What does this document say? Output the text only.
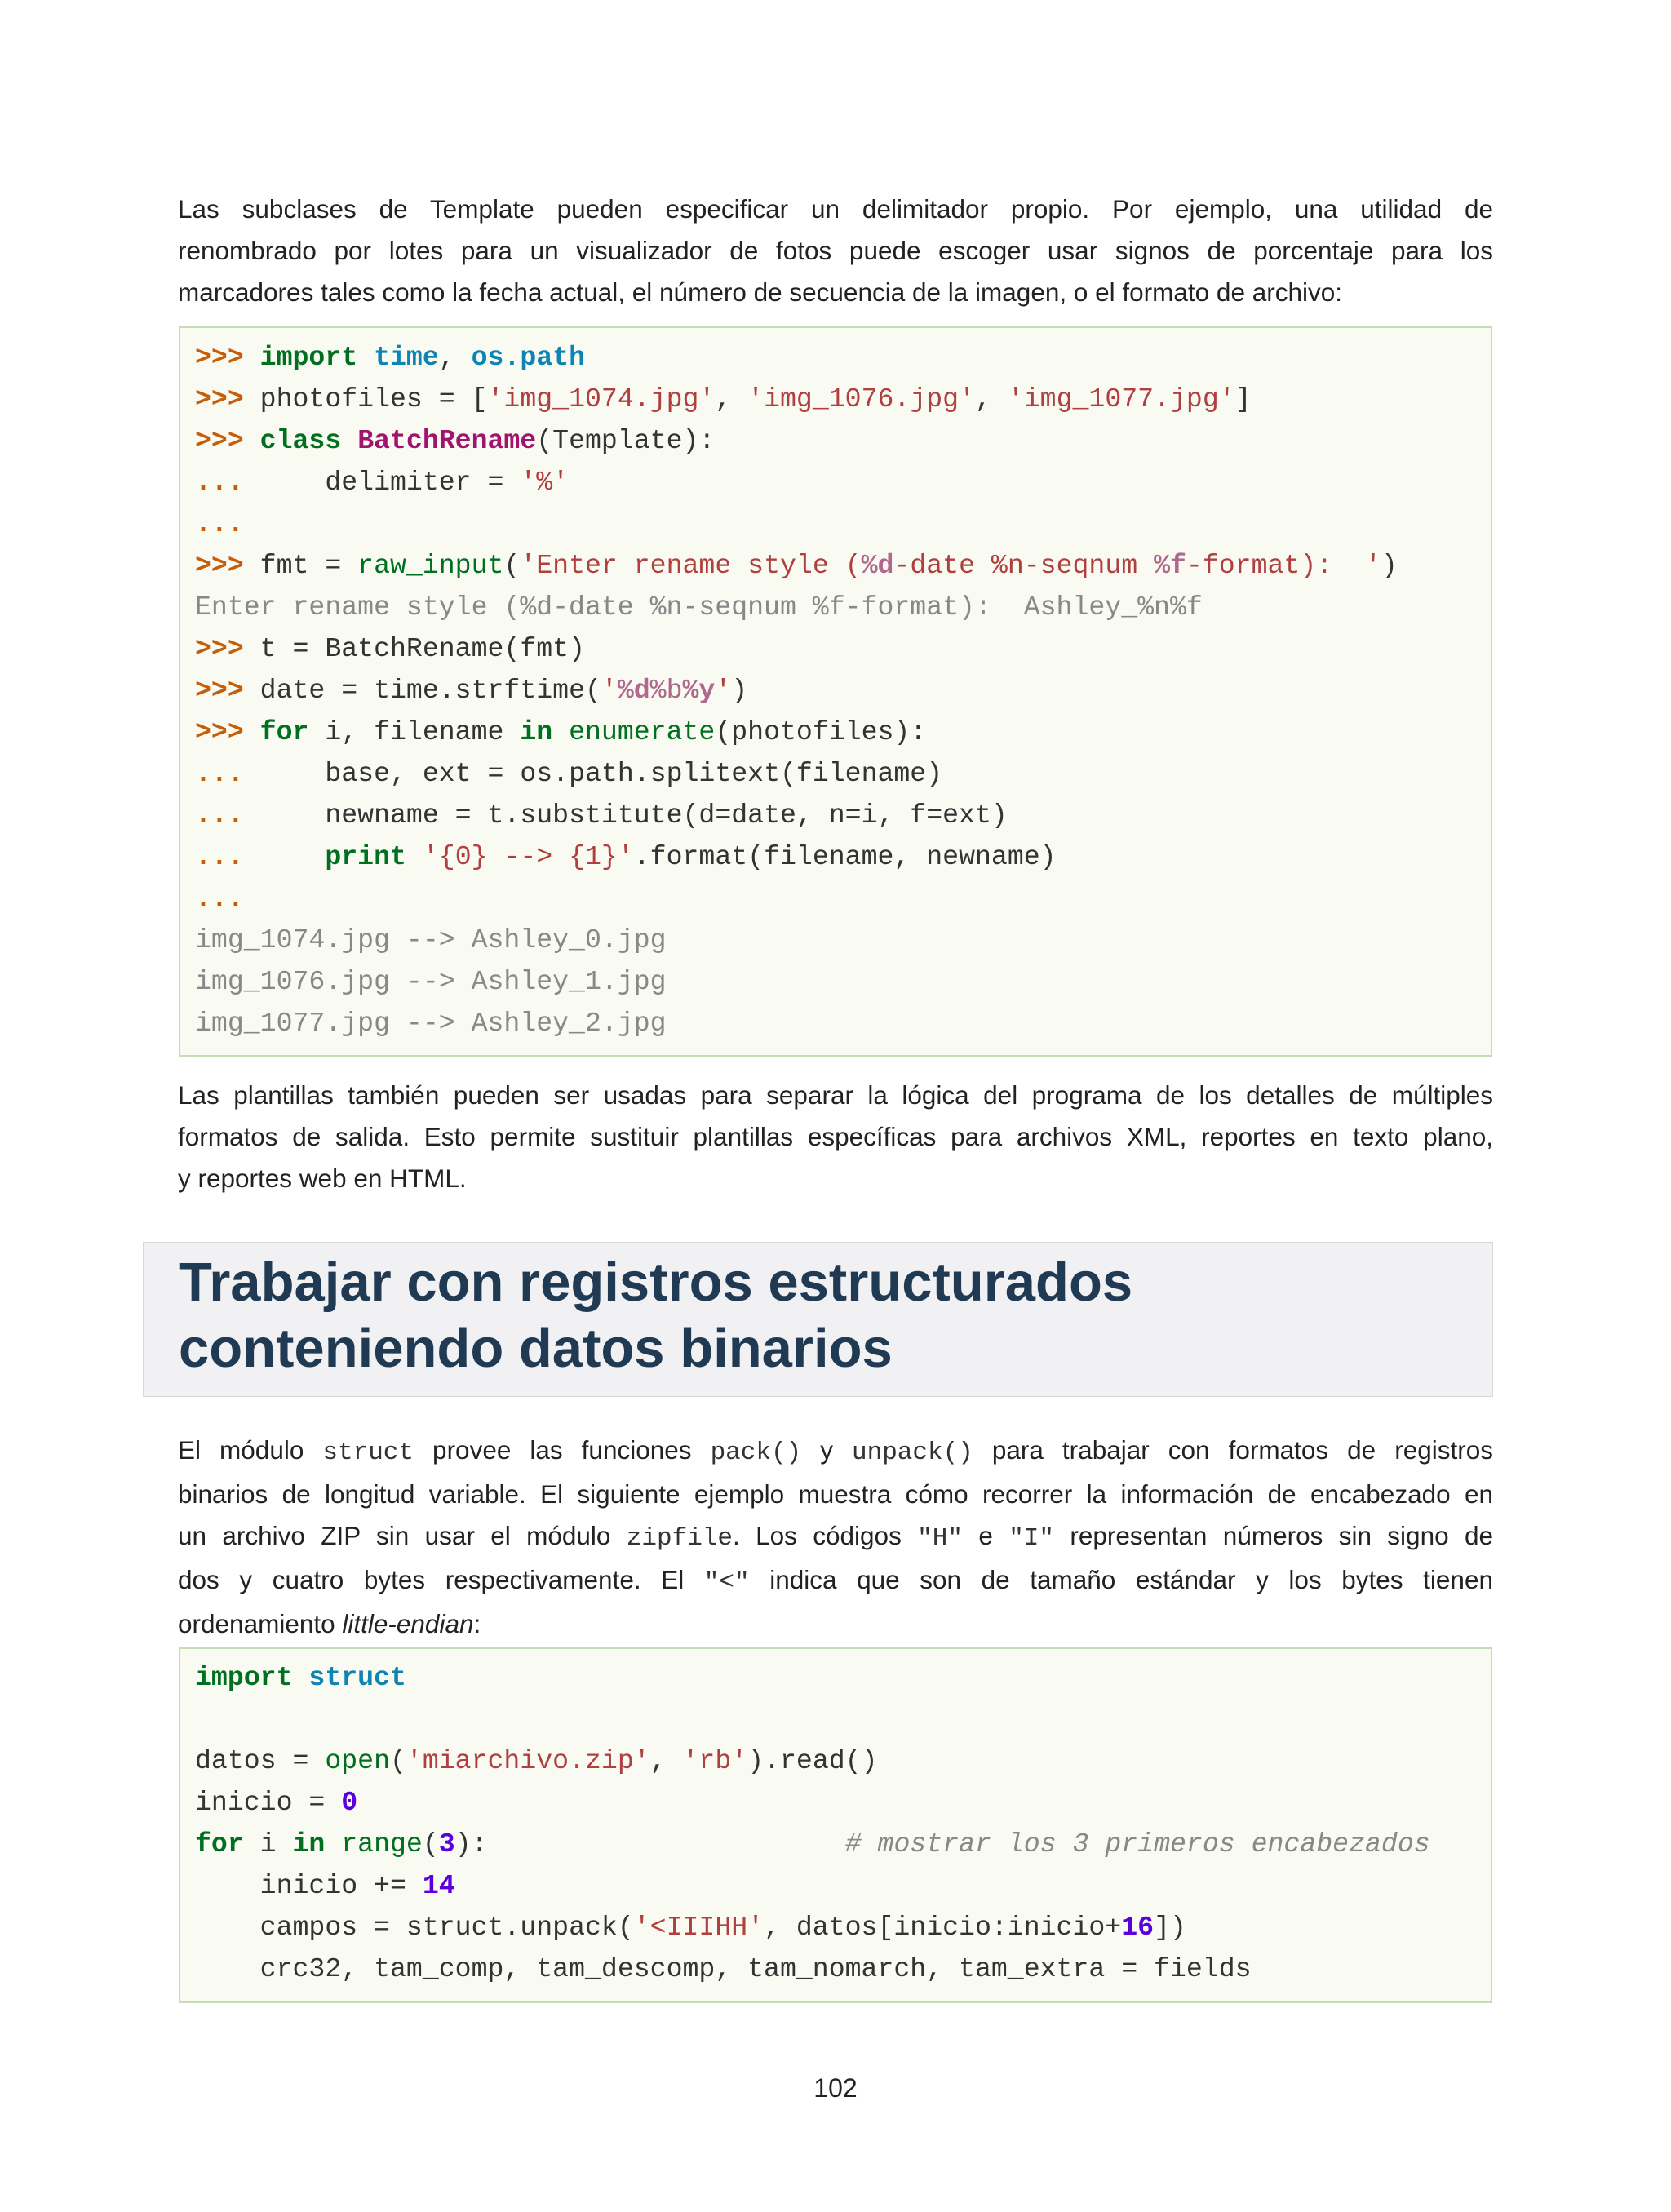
Las subclases de Template pueden especificar un delimitador propio. Por ejemplo, una utilidad de
renombrado por lotes para un visualizador de fotos puede escoger usar signos de porcentaje para los
marcadores tales como la fecha actual, el número de secuencia de la imagen, o el formato de archivo:
>>> import time, os.path
>>> photofiles = ['img_1074.jpg', 'img_1076.jpg', 'img_1077.jpg']
>>> class BatchRename(Template):
...	delimiter = '%'
...
>>> fmt = raw_input('Enter rename style (%d-date %n-seqnum %f-format):  ')
Enter rename style (%d-date %n-seqnum %f-format):  Ashley_%n%f
>>> t = BatchRename(fmt)
>>> date = time.strftime('%d%b%y')
>>> for i, filename in enumerate(photofiles):
...	base, ext = os.path.splitext(filename)
...	newname = t.substitute(d=date, n=i, f=ext)
...	print '{0} --> {1}'.format(filename, newname)
...
img_1074.jpg --> Ashley_0.jpg
img_1076.jpg --> Ashley_1.jpg
img_1077.jpg --> Ashley_2.jpg
Las plantillas también pueden ser usadas para separar la lógica del programa de los detalles de múltiples
formatos de salida. Esto permite sustituir plantillas específicas para archivos XML, reportes en texto plano,
y reportes web en HTML.
Trabajar con registros estructurados
conteniendo datos binarios
El módulo struct provee las funciones pack() y unpack() para trabajar con formatos de registros
binarios de longitud variable. El siguiente ejemplo muestra cómo recorrer la información de encabezado en
un archivo ZIP sin usar el módulo zipfile. Los códigos "H" e "I" representan números sin signo de
dos y cuatro bytes respectivamente. El "<" indica que son de tamaño estándar y los bytes tienen
ordenamiento little-endian:
import struct

datos = open('miarchivo.zip', 'rb').read()
inicio = 0
for i in range(3):	# mostrar los 3 primeros encabezados
inicio += 14
campos = struct.unpack('<IIIHH', datos[inicio:inicio+16])
crc32, tam_comp, tam_descomp, tam_nomarch, tam_extra = fields
102
